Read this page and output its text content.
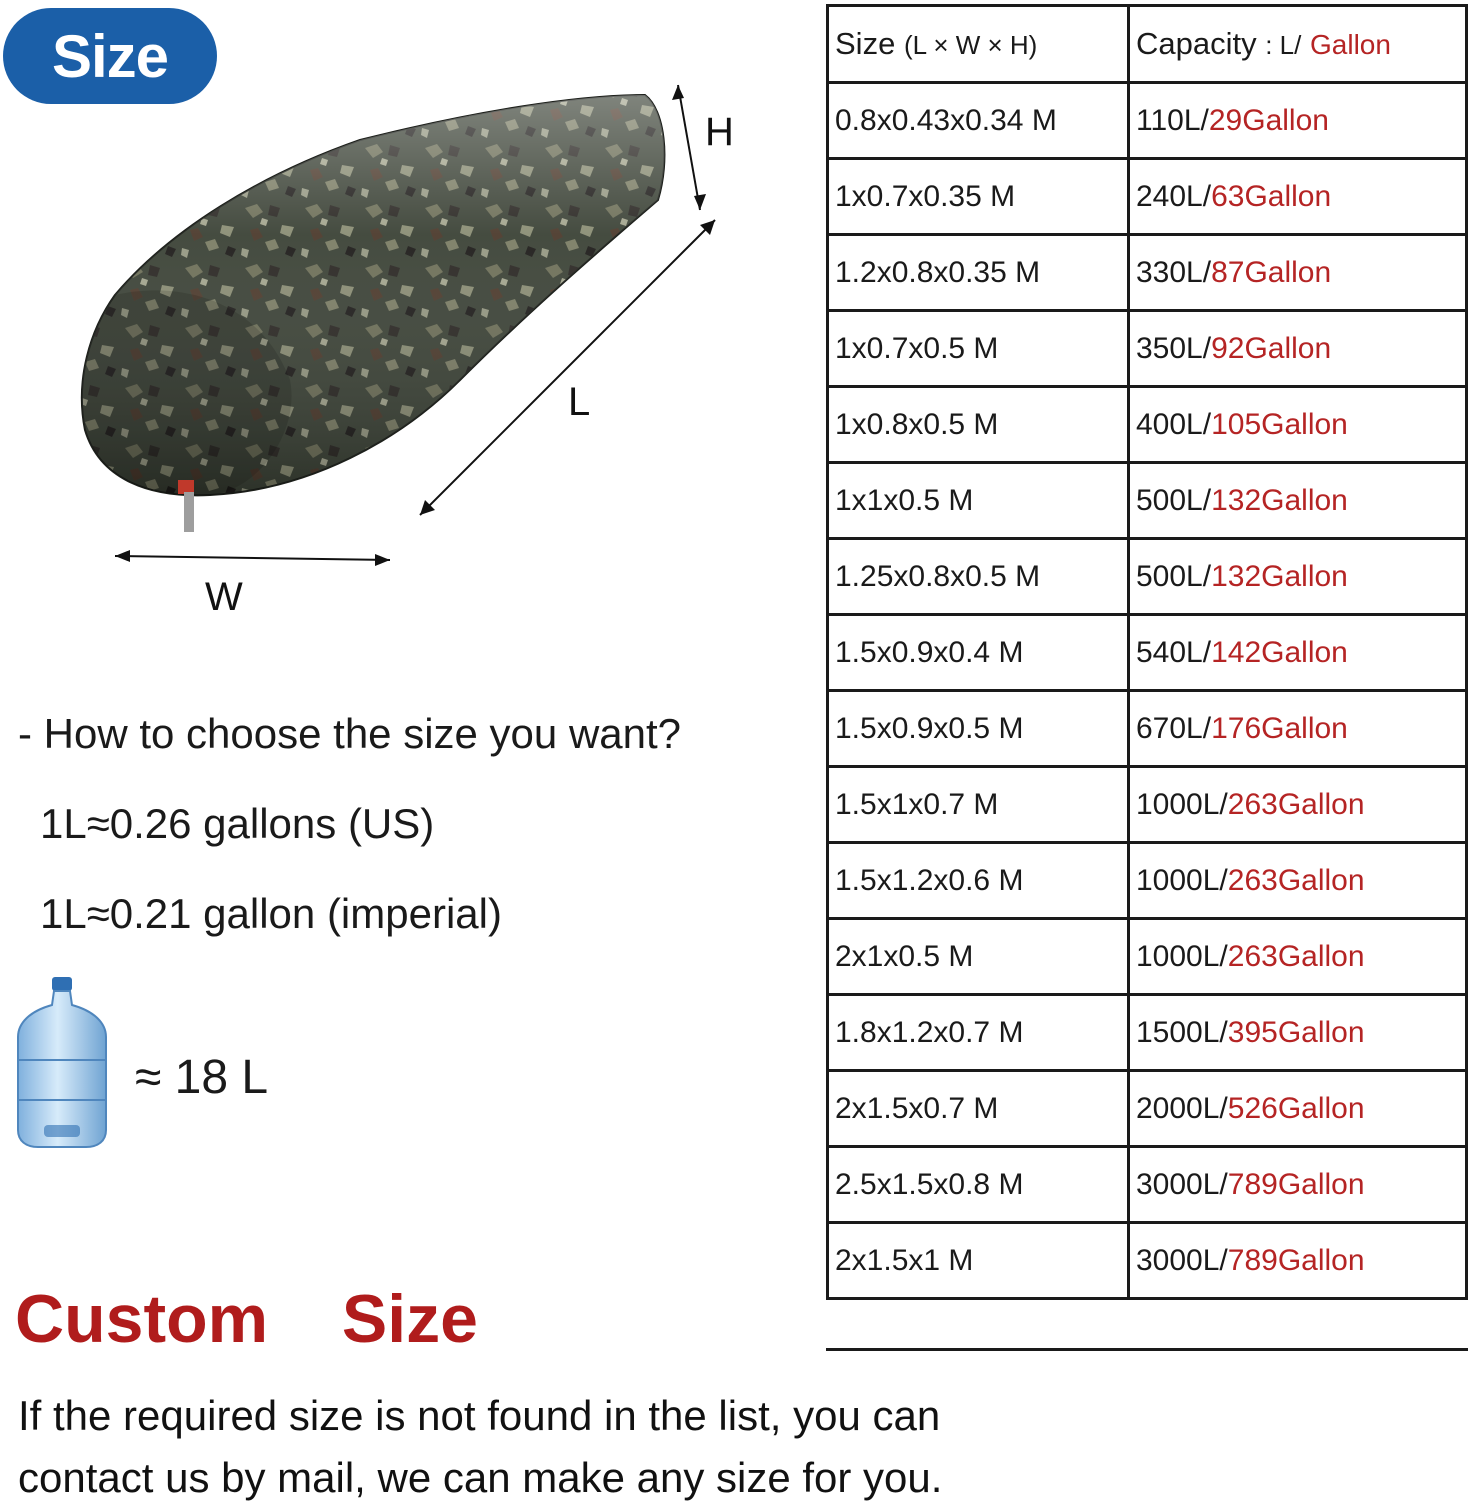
Size
H
L
W
- How to choose the size you want?
1L≈0.26 gallons (US)
1L≈0.21 gallon (imperial)
≈ 18 L
Custom  Size
If the required size is not found in the list, you can contact us by mail, we can make any size for you.
Size (L × W × H)	Capacity : L/ Gallon
0.8x0.43x0.34 M	110L/29Gallon
1x0.7x0.35 M	240L/63Gallon
1.2x0.8x0.35 M	330L/87Gallon
1x0.7x0.5 M	350L/92Gallon
1x0.8x0.5 M	400L/105Gallon
1x1x0.5 M	500L/132Gallon
1.25x0.8x0.5 M	500L/132Gallon
1.5x0.9x0.4 M	540L/142Gallon
1.5x0.9x0.5 M	670L/176Gallon
1.5x1x0.7 M	1000L/263Gallon
1.5x1.2x0.6 M	1000L/263Gallon
2x1x0.5 M	1000L/263Gallon
1.8x1.2x0.7 M	1500L/395Gallon
2x1.5x0.7 M	2000L/526Gallon
2.5x1.5x0.8 M	3000L/789Gallon
2x1.5x1 M	3000L/789Gallon
